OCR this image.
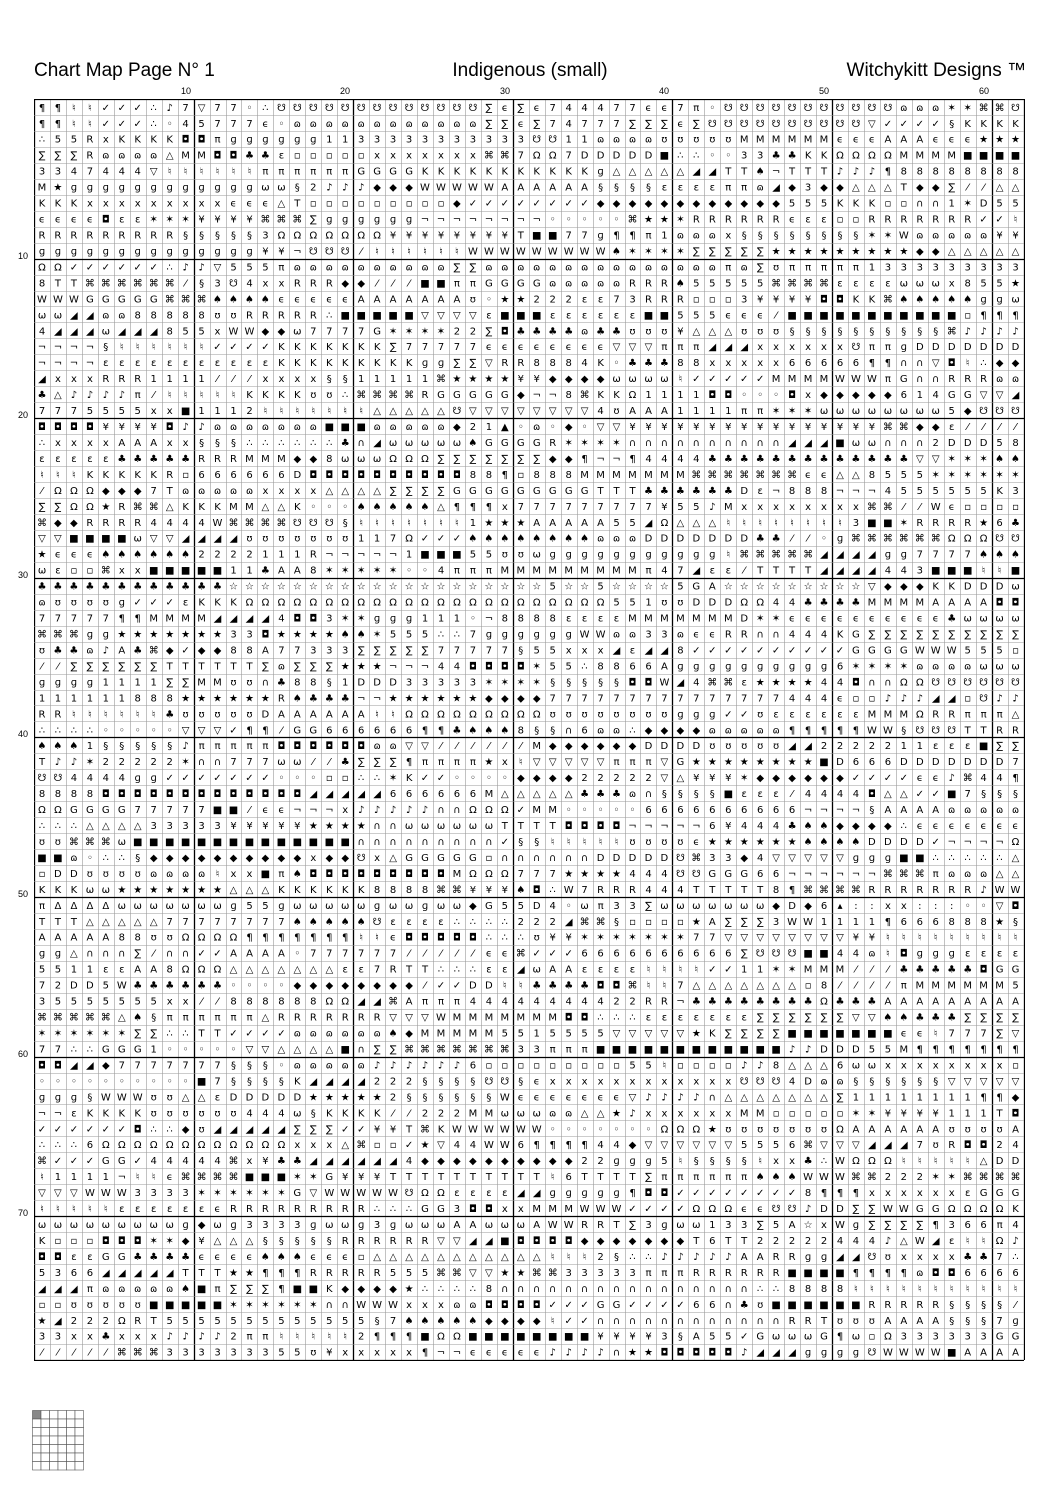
Chart Map Page N° 1	Indigenous (small)	Witchykitt Designs ™
10	20	30	40	50	60
10
20
30
40
50
60
70
¶ ¶ ♮ ♮ ✓ ✓ ✓ ∴ ♪ 7 ▽ 7 7 ◦ ∴ ☋ ☋ ☋ ☋ ☋ ☋ ☋ ☋ ☋ ☋ ☋ ☋ ☋ ∑ ϵ ∑ ϵ 7 4 4 4 7 7 ϵ ϵ 7 π ◦ ☋ ☋ ☋ ☋ ☋ ☋ ☋ ☋ ☋ ☋ ☋ ɷ ɷ ɷ ✶ ✶ ⌘ ⌘ ☋
¶ ¶ ♮ ♮ ✓ ✓ ✓ ∴ ◦ 4 5 7 7 7 ϵ ◦ ɷ ɷ ɷ ɷ ɷ ɷ ɷ ɷ ɷ ɷ ɷ ɷ ∑ ∑ ϵ ∑ 7 4 7 7 7 ∑ ∑ ∑ ϵ ∑ ☋ ☋ ☋ ☋ ☋ ☋ ☋ ☋ ☋ ☋ ▽ ✓ ✓ ✓ ✓ § K K K K
∴ 5 5 R x K K K K ◘ ◘ π ɡ ɡ ɡ ɡ ɡ ɡ 1 1 3 3 3 3 3 3 3 3 3 3 3 ☋ ☋ 1 1 ɷ ɷ ɷ ɷ ʊ ʊ ʊ ʊ ʊ M M M M M M ϵ ϵ ϵ A A A ϵ ϵ ϵ ★ ★ ★
∑ ∑ ∑ R ɷ ɷ ɷ ɷ △ M M ◘ ◘ ♣ ♣ ε ▫ ▫ ▫ ▫ ▫ x x x x x x x ⌘ ⌘ 7 Ω Ω 7 D D D D D ■ ∴ ∴ ◦ ◦ 3 3 ♣ ♣ K K Ω Ω Ω Ω M M M M ■ ■ ■ ■
3 3 4 7 4 4 4 ▽ ♮ ♮ ♮ ♮ ♮ ♮ π π π π π π G G G G K K K K K K K K K K K ɡ △ △ △ △ △ ◢ ◢ T T ♠ ¬ T T T ♪ ♪ ♪ ¶ 8 8 8 8 8 8 8 8
M ★ ɡ ɡ ɡ ɡ ɡ ɡ ɡ ɡ ɡ ɡ ɡ ɡ ω ω § 2 ♪ ♪ ♪ ◆ ◆ ◆ W W W W W A A A A A A § § § § ε ε ε ε π π ɷ ◢ ◆ 3 ◆ ◆ △ △ △ T ◆ ◆ ∑ ⁄ ⁄ △ △
K K K x x x x x x x x x ϵ ϵ ϵ △ T ▫ ▫ ▫ ▫ ▫ ▫ ▫ ▫ ▫ ◆ ✓ ✓ ✓ ✓ ✓ ✓ ✓ ✓ ◆ ◆ ◆ ◆ ◆ ◆ ◆ ◆ ◆ ◆ ◆ ◆ 5 5 5 K K K ▫ ▫ ∩ ∩ 1 ✶ D 5 5
ϵ ϵ ϵ ϵ ◘ ε ε ✶ ✶ ✶ ¥ ¥ ¥ ¥ ⌘ ⌘ ⌘ ∑ ɡ ɡ ɡ ɡ ɡ ɡ ¬ ¬ ¬ ¬ ¬ ¬ ¬ ¬ ◦ ◦ ◦ ◦ ◦ ⌘ ★ ★ ✶ R R R R R R ϵ ε ε ▫ ▫ R R R R R R R ✓ ✓ ♮
R R R R R R R R R § § § § § 3 Ω Ω Ω Ω Ω Ω Ω ¥ ¥ ¥ ¥ ¥ ¥ ¥ ¥ T ■ ■ 7 7 ɡ ¶ ¶ π 1 ɷ ɷ ɷ x § § § § § § § § ✶ ✶ W ɷ ɷ ɷ ɷ ɷ ¥ ¥
ɡ ɡ ɡ ɡ ɡ ɡ ɡ ɡ ɡ ɡ ɡ ɡ ɡ ɡ ¥ ¥ ¬ ☋ ☋ ☋ ⁄ ♮ ♮ ♮ ♮ ♮ ♮ W W W W W W W W W ♠ ✶ ✶ ✶ ✶ ∑ ∑ ∑ ∑ ∑ ★ ★ ★ ★ ★ ★ ★ ★ ★ ◆ ◆ △ △ △ △ △
Ω Ω ✓ ✓ ✓ ✓ ✓ ✓ ∴ ♪ ♪ ▽ 5 5 5 π ɷ ɷ ɷ ɷ ɷ ɷ ɷ ɷ ɷ ɷ ∑ ∑ ɷ ɷ ɷ ɷ ɷ ɷ ɷ ɷ ɷ ɷ ɷ ɷ ɷ ɷ ɷ π ɷ ∑ ʊ π π π π π 1 3 3 3 3 3 3 3 3 3
8 T T ⌘ ⌘ ⌘ ⌘ ⌘ ⌘ ⁄ § 3 ☋ 4 x x R R R ◆ ◆ ⁄ ⁄ ⁄ ■ ■ π π G G G G ɷ ɷ ɷ ɷ ɷ R R R ♠ 5 5 5 5 5 ⌘ ⌘ ⌘ ⌘ ε ε ε ε ω ω ω x 8 5 5 ★
W W W G G G G G ⌘ ⌘ ⌘ ♠ ♠ ♠ ♠ ϵ ϵ ϵ ϵ ϵ A A A A A A A ʊ ◦ ★ ★ 2 2 2 ε ε 7 3 R R R ▫ ▫ ▫ 3 ¥ ¥ ¥ ¥ ◘ ◘ K K ⌘ ♠ ♠ ♠ ♠ ♠ ɡ ɡ ω
ω ω ◢ ◢ ɷ ɷ 8 8 8 8 8 ʊ ʊ R R R R R ∴ ■ ■ ■ ■ ■ ▽ ▽ ▽ ▽ ε ■ ■ ■ ε ε ε ε ε ε ■ ■ 5 5 5 ϵ ϵ ϵ ⁄ ■ ■ ■ ■ ■ ■ ■ ■ ■ ■ ■ ▫ ¶ ¶ ¶
4 ◢ ◢ ◢ ω ◢ ◢ ◢ 8 5 5 x W W ◆ ◆ ω 7 7 7 7 G ✶ ✶ ✶ ✶ 2 2 ∑ ◘ ♣ ♣ ♣ ♣ ɷ ♣ ♣ ʊ ʊ ʊ ¥ △ △ △ ʊ ʊ ʊ § § § § § § § § § § ⌘ ♪ ♪ ♪ ♪
¬ ¬ ¬ ¬ § ♮ ♮ ♮ ♮ ♮ ♮ ✓ ✓ ✓ ✓ K K K K K K K ∑ 7 7 7 7 7 ϵ ϵ ϵ ϵ ϵ ϵ ϵ ϵ ▽ ▽ ▽ π π π ◢ ◢ ◢ x x x x x x ☋ π π ɡ D D D D D D D
¬ ¬ ¬ ¬ ε ε ε ε ε ε ε ε ε ε ε K K K K K K K K K ɡ ɡ ∑ ∑ ▽ R R 8 8 8 4 K ◦ ♣ ♣ ♣ 8 8 x x x x x 6 6 6 6 6 ¶ ¶ ∩ ∩ ▽ ◘ ♮ ∴ ◆ ◆
◢ x x x R R R 1 1 1 1 ⁄ ⁄ ⁄ x x x x § § 1 1 1 1 1 ⌘ ★ ★ ★ ★ ¥ ¥ ◆ ◆ ◆ ◆ ω ω ω ω ♮ ✓ ✓ ✓ ✓ ✓ M M M M W W W π G ∩ ∩ R R R ɷ ɷ
♣ △ ♪ ♪ ♪ ♪ π ⁄ ♮ ♮ ♮ ♮ ♮ K K K K ʊ ʊ ∴ ⌘ ⌘ ⌘ ⌘ R G G G G G ◆ ¬ ¬ 8 ⌘ K K Ω 1 1 1 1 ◘ ◘ ◦ ◦ ◦ ◘ x ◆ ◆ ◆ ◆ ◆ 6 1 4 G G ▽ ▽ ◢
7 7 7 5 5 5 5 x x ■ 1 1 1 2 ♮ ♮ ♮ ♮ ♮ ♮ ♮ △ △ △ △ △ ☋ ▽ ▽ ▽ ▽ ▽ ▽ ▽ ▽ 4 ʊ A A A 1 1 1 1 π π ✶ ✶ ✶ ω ω ω ω ω ω ω ω 5 ◆ ☋ ☋ ☋
◘ ◘ ◘ ◘ ¥ ¥ ¥ ¥ ◘ ♪ ♪ ɷ ɷ ɷ ɷ ɷ ɷ ɷ ■ ■ ■ ɷ ɷ ɷ ɷ ɷ ◆ 2 1 ▲ ◦ ɷ ◦ ◆ ◦ ▽ ▽ ¥ ¥ ¥ ¥ ¥ ¥ ¥ ¥ ¥ ¥ ¥ ¥ ¥ ¥ ¥ ¥ ⌘ ⌘ ◆ ◆ ε ⁄ ⁄ ⁄ ⁄
∴ x x x x A A A x x § § § ∴ ∴ ∴ ∴ ∴ ∴ ♣ ∩ ◢ ω ω ω ω ω ♠ G G G G R ✶ ✶ ✶ ✶ ∩ ∩ ∩ ∩ ∩ ∩ ∩ ∩ ∩ ∩ ◢ ◢ ◢ ■ ω ω ∩ ∩ ∩ 2 D D D 5 8
ε ε ε ε ε ♣ ♣ ♣ ♣ ♣ R R R M M M ◆ ◆ 8 ω ω ω Ω Ω Ω ∑ ∑ ∑ ∑ ∑ ∑ ∑ ◆ ◆ ¶ ¬ ¬ ¶ 4 4 4 4 ♣ ♣ ♣ ♣ ♣ ♣ ♣ ♣ ♣ ♣ ♣ ♣ ♣ ▽ ▽ ✶ ✶ ✶ ♠ ♠
♮ ♮ ♮ K K K K K R ▫ 6 6 6 6 6 6 D ◘ ◘ ◘ ◘ ◘ ◘ ◘ ◘ ◘ ◘ 8 8 ¶ ▫ 8 8 8 M M M M M M M ⌘ ⌘ ⌘ ⌘ ⌘ ⌘ ⌘ ϵ ϵ △ △ 8 5 5 5 ✶ ✶ ✶ ✶ ✶ ✶
⁄ Ω Ω Ω ◆ ◆ ◆ 7 T ɷ ɷ ɷ ɷ ɷ x x x x △ △ △ △ ∑ ∑ ∑ ∑ G G G G G G G G G T T T ♣ ♣ ♣ ♣ ♣ ♣ D ε ¬ 8 8 8 ¬ ¬ ¬ 4 5 5 5 5 5 5 K 3
∑ ∑ Ω Ω ★ R ⌘ ⌘ △ K K K M M △ △ K ◦ ◦ ◦ ♠ ♠ ♠ ♠ ♠ △ ¶ ¶ ¶ x 7 7 7 7 7 7 7 7 7 ¥ 5 5 ♪ M x x x x x x x x ⌘ ⌘ ⁄ ⁄ W ϵ ▫ ▫ ▫ ▫
⌘ ◆ ◆ R R R R 4 4 4 4 W ⌘ ⌘ ⌘ ⌘ ☋ ☋ ☋ § ♮ ♮ ♮ ♮ ♮ ♮ ♮ 1 ★ ★ ★ A A A A A 5 5 ◢ Ω △ △ △ ♮ ♮ ♮ ♮ ♮ ♮ ♮ ♮ 3 ■ ■ ✶ R R R R ★ 6 ♣
▽ ▽ ■ ■ ■ ■ ω ▽ ▽ ◢ ◢ ◢ ◢ ʊ ʊ ʊ ʊ ʊ ʊ ʊ 1 1 7 Ω ✓ ✓ ✓ ♠ ♠ ♠ ♠ ♠ ♠ ♠ ♠ ɷ ɷ ɷ D D D D D D D ♣ ♣ ⁄ ⁄ ◦ ɡ ⌘ ⌘ ⌘ ⌘ ⌘ ⌘ Ω Ω Ω ☋ ☋
★ ϵ ϵ ϵ ♠ ♠ ♠ ♠ ♠ ♠ 2 2 2 2 1 1 1 R ¬ ¬ ¬ ¬ ¬ 1 ■ ■ ■ 5 5 ʊ ʊ ω ɡ ɡ ɡ ɡ ɡ ɡ ɡ ɡ ɡ ɡ ɡ ♮ ⌘ ⌘ ⌘ ⌘ ⌘ ◢ ◢ ◢ ◢ ɡ ɡ 7 7 7 7 ♠ ♠ ♠
ω ε ▫ ▫ ⌘ x x ■ ■ ■ ■ ■ 1 1 ♣ A A 8 ✶ ✶ ✶ ✶ ✶ ◦ ◦ 4 π π π M M M M M M M M M π 4 7 ◢ ε ε ⁄ T T T T ◢ ◢ ◢ ◢ 4 4 3 ■ ■ ■ ♮ ♮ ■
♣ ♣ ♣ ♣ ♣ ♣ ♣ ♣ ♣ ♣ ♣ ♣ ☆ ☆ ☆ ☆ ☆ ☆ ☆ ☆ ☆ ☆ ☆ ☆ ☆ ☆ ☆ ☆ ☆ ☆ ☆ ☆ 5 ☆ ☆ 5 ☆ ☆ ☆ ☆ 5 G A ☆ ☆ ☆ ☆ ☆ ☆ ☆ ☆ ☆ ▽ ◆ ◆ ◆ K K D D D ω
ɷ ʊ ʊ ʊ ʊ ɡ ✓ ✓ ✓ ε K K K Ω Ω Ω Ω Ω Ω Ω Ω Ω Ω Ω Ω Ω Ω Ω Ω Ω Ω Ω Ω Ω Ω Ω 5 5 1 ʊ ʊ D D D Ω Ω 4 4 ♣ ♣ ♣ ♣ M M M M A A A A ◘ ◘
7 7 7 7 7 ¶ ¶ M M M M ◢ ◢ ◢ ◢ 4 ◘ ◘ 3 ✶ ✶ ɡ ɡ ɡ 1 1 1 ◦ ¬ 8 8 8 8 ε ε ε ε M M M M M M M D ✶ ✶ ϵ ϵ ϵ ϵ ϵ ϵ ϵ ϵ ϵ ϵ ♣ ω ω ω ω
⌘ ⌘ ⌘ ɡ ɡ ★ ★ ★ ★ ★ ★ ★ 3 3 ◘ ★ ★ ★ ★ ♠ ♠ ✶ 5 5 5 ∴ ∴ 7 ɡ ɡ ɡ ɡ ɡ ɡ W W ɷ ɷ 3 3 ɷ ϵ ϵ R R ∩ ∩ 4 4 4 K G ∑ ∑ ∑ ∑ ∑ ∑ ∑ ∑ ∑ ∑
ʊ ♣ ♣ ɷ ♪ A ♣ ⌘ ◆ ✓ ◆ ◆ 8 8 A 7 7 3 3 3 ∑ ∑ ∑ ∑ ∑ 7 7 7 7 7 § 5 5 x x x ◢ ε ◢ ◢ 8 ✓ ✓ ✓ ✓ ✓ ✓ ✓ ✓ ✓ ✓ G G G G W W W 5 5 5 ▫
⁄ ⁄ ∑ ∑ ∑ ∑ ∑ ∑ T T T T T T ∑ ɷ ∑ ∑ ∑ ★ ★ ★ ¬ ¬ ¬ 4 4 ◘ ◘ ◘ ◘ ✶ 5 5 ∴ 8 8 6 6 A ɡ ɡ ɡ ɡ ɡ ɡ ɡ ɡ ɡ ɡ 6 ✶ ✶ ✶ ✶ ɷ ɷ ɷ ɷ ω ω ω
ɡ ɡ ɡ ɡ 1 1 1 1 ∑ ∑ M M ʊ ʊ ∩ ♣ 8 8 § 1 D D D 3 3 3 3 3 ✶ ✶ ✶ ✶ § § § § § ◘ ◘ W ◢ 4 ⌘ ⌘ ε ★ ★ ★ ★ 4 4 ◘ ∩ ∩ Ω Ω ☋ ☋ ☋ ☋ ☋ ☋
1 1 1 1 1 1 8 8 8 ★ ★ ★ ★ ★ ★ R ♠ ♣ ♣ ♣ ¬ ¬ ★ ★ ★ ★ ★ ★ ◆ ◆ ◆ ◆ 7 7 7 7 7 7 7 7 7 7 7 7 7 7 7 4 4 4 ϵ ▫ ▫ ♪ ♪ ♪ ◢ ◢ ▫ ☋ ♪ ♪
R R ♮ ♮ ♮ ♮ ♮ ♮ ♣ ʊ ʊ ʊ ʊ ʊ D A A A A A A ♮ ♮ Ω Ω Ω Ω Ω Ω Ω Ω Ω ʊ ʊ ʊ ʊ ʊ ʊ ʊ ʊ ɡ ɡ ɡ ✓ ✓ ʊ ε ε ε ε ε ε M M M Ω R R π π π △
∴ ∴ ∴ ∴ ◦ ◦ ◦ ◦ ◦ ▽ ▽ ▽ ✓ ¶ ¶ ⁄ G G 6 6 6 6 6 6 ¶ ¶ ♣ ♠ ♠ ♠ 8 § § ∩ 6 ɷ ɷ ∴ ◆ ◆ ◆ ◆ ɷ ɷ ɷ ɷ ɷ ¶ ¶ ¶ ¶ ¶ W W § ☋ ☋ ☋ T T R R
♠ ♠ ♠ 1 § § § § § ♪ π π π π π ◘ ◘ ◘ ◘ ◘ ◘ ɷ ɷ ▽ ▽ ⁄ ⁄ ⁄ ⁄ ⁄ ⁄ M ◆ ◆ ◆ ◆ ◆ ◆ D D D D ʊ ʊ ʊ ʊ ʊ ◢ ◢ 2 2 2 2 2 1 1 ε ε ε ■ ∑ ∑
T ♪ ♪ ✶ 2 2 2 2 2 ✶ ∩ ∩ 7 7 7 ω ω ⁄ ⁄ ♣ ∑ ∑ ∑ ¶ π π π π ★ x ♮ ▽ ▽ ▽ ▽ ▽ π π π ▽ G ★ ★ ★ ★ ★ ★ ★ ★ ■ D 6 6 6 D D D D D D D 7
☋ ☋ 4 4 4 4 ɡ ɡ ✓ ✓ ✓ ✓ ✓ ✓ ✓ ◦ ◦ ◦ ▫ ▫ ∴ ∴ ✶ K ✓ ✓ ◦ ◦ ◦ ◦ ◆ ◆ ◆ ◆ 2 2 2 2 2 ▽ △ ¥ ¥ ¥ ✶ ◆ ◆ ◆ ◆ ◆ ◆ ✓ ✓ ✓ ✓ ϵ ϵ ♪ ⌘ 4 4 ¶
8 8 8 8 ◘ ◘ ◘ ◘ ◘ ◘ ◘ ◘ ◘ ◘ ◘ ◘ ◘ ◢ ◢ ◢ ◢ ◢ 6 6 6 6 6 6 M △ △ △ △ △ ♣ ♣ ♣ ɷ ∩ § § § § ■ ε ε ε ⁄ 4 4 4 4 ◘ △ △ ✓ ✓ ■ 7 § § §
Ω Ω G G G G 7 7 7 7 7 ■ ■ ⁄ ϵ ϵ ¬ ¬ ¬ x ♪ ♪ ♪ ♪ ♪ ∩ ∩ Ω Ω Ω ✓ M M ◦ ◦ ◦ ◦ ◦ 6 6 6 6 6 6 6 6 6 6 ¬ ¬ ¬ ¬ § A A A A ɷ ɷ ɷ ɷ ɷ
∴ ∴ ∴ △ △ △ △ 3 3 3 3 3 ¥ ¥ ¥ ¥ ¥ ★ ★ ★ ★ ∩ ∩ ω ω ω ω ω ω T T T T ◘ ◘ ◘ ◘ ¬ ¬ ¬ ¬ ¬ 6 ¥ 4 4 4 ♣ ♠ ♠ ◆ ◆ ◆ ◆ ∴ ϵ ϵ ϵ ϵ ϵ ϵ ϵ
ʊ ʊ ⌘ ⌘ ⌘ ω ■ ■ ■ ■ ■ ■ ■ ■ ■ ■ ■ ■ ■ ■ ∩ ∩ ∩ ∩ ∩ ∩ ∩ ∩ ∩ ✓ § § ♮ ♮ ♮ ♮ ♮ ʊ ʊ ʊ ʊ ϵ ★ ★ ★ ★ ★ ★ ♠ ♠ ♠ ♠ D D D D ✓ ¬ ¬ ¬ ¬ Ω
■ ■ ɷ ◦ ∴ ∴ § ◆ ◆ ◆ ◆ ◆ ◆ ◆ ◆ ◆ ◆ x ◆ ◆ ☋ x △ G G G G G ▫ ∩ ∩ ∩ ∩ ∩ ∩ D D D D D ☋ ⌘ 3 3 ◆ 4 ▽ ▽ ▽ ▽ ▽ ɡ ɡ ɡ ■ ■ ∴ ∴ ∴ ∴ ∴ △
▫ D D ʊ ʊ ʊ ʊ ɷ ɷ ɷ ɷ ♮ x x ■ π ♠ ◘ ◘ ◘ ◘ ◘ ◘ ◘ ◘ ◘ M Ω Ω Ω 7 7 7 ★ ★ ★ ★ 4 4 4 ☋ ☋ G G G 6 6 ¬ ¬ ¬ ¬ ¬ ¬ ⌘ ⌘ ⌘ π ɷ ɷ ɷ △ △
K K K ω ω ★ ★ ★ ★ ★ ★ ★ △ △ △ K K K K K K 8 8 8 8 ⌘ ⌘ ¥ ¥ ¥ ♠ ◘ ∴ W 7 R R R 4 4 4 T T T T T 8 ¶ ⌘ ⌘ ⌘ ⌘ R R R R R R R ♪ W W
π Δ Δ Δ Δ ω ω ω ω ω ω ω ɡ 5 5 ɡ ω ω ω ω ω ɡ ω ω ɡ ω ω ◆ G 5 5 D 4 ◦ ω π 3 3 ∑ ω ω ω ω ω ω ω ◆ D ◆ 6 ▴ : : x x : : : ◦ ◦ ▽ ◘
T T T △ △ △ △ △ 7 7 7 7 7 7 7 7 ♠ ♠ ♠ ♠ ♠ ☋ ε ε ε ε ∴ ∴ ∴ ∴ 2 2 2 ◢ ⌘ ⌘ § ▫ ▫ ▫ ▫ ★ A ∑ ∑ ∑ 3 W W 1 1 1 1 ¶ 6 6 6 8 8 8 ★ §
A A A A A 8 8 ʊ ʊ Ω Ω Ω Ω ¶ ¶ ¶ ¶ ¶ ¶ ¶ ♮ ♮ ϵ ◘ ◘ ◘ ◘ ◘ ∴ ∴ ∴ ʊ ¥ ¥ ✶ ✶ ✶ ✶ ✶ ✶ ✶ 7 7 ▽ ▽ ▽ ▽ ▽ ▽ ▽ ▽ ¥ ¥ ♮ ♮ ♮ ♮ ♮ ♮ ♮ ♮ ♮
ɡ ɡ △ ∩ ∩ ∩ ∑ ⁄ ∩ ∩ ✓ ✓ A A A A ◦ 7 7 7 7 7 7 ⁄ ⁄ ⁄ ⁄ ⁄ ϵ ϵ ⌘ ✓ ✓ ✓ 6 6 6 6 6 6 6 6 6 6 ∑ ☋ ☋ ☋ ■ ■ 4 4 ɷ ♮ ◘ ɡ ɡ ɡ ε ε ε ε
5 5 1 1 ε ε A A 8 Ω Ω Ω △ △ △ △ △ △ △ ε ε 7 R T T ∴ ∴ ∴ ε ε ◢ ω A A ε ε ε ε ♮ ♮ ♮ ♮ ✓ ✓ 1 1 ✶ ✶ M M M ⁄ ⁄ ⁄ ♣ ♣ ♣ ♣ ♣ ◘ G G
7 2 D D 5 W ♣ ♣ ♣ ♣ ♣ ♣ ◦ ◦ ◦ ◦ ◆ ◆ ◆ ◆ ◆ ◆ ◆ ◆ ⁄ ✓ ✓ D D ♮ ♮ ♣ ♣ ♣ ♣ ◘ ◘ ⌘ ♮ ♮ 7 △ △ △ △ △ △ △ ▫ 8 ⁄ ⁄ ⁄ ⁄ π M M M M M M 5
3 5 5 5 5 5 5 5 x x ⁄ ⁄ 8 8 8 8 8 8 Ω Ω ◢ ◢ ⌘ A π π π 4 4 4 4 4 4 4 4 4 2 2 R R ¬ ♣ ♣ ♣ ♣ ♣ ♣ ♣ ♣ Ω ♣ ♣ ♣ A A A A A A A A A
⌘ ⌘ ⌘ ⌘ ⌘ △ ♠ § π π π π π π △ R R R R R R R ▽ ▽ ▽ W M M M M M M M ◘ ◘ ∴ ∴ ∴ ε ε ε ε ε ε ε ∑ ∑ ∑ ∑ ∑ ∑ ▽ ▽ ♠ ♠ ♣ ♣ ♣ ∑ ∑ ∑ ∑
✶ ✶ ✶ ✶ ✶ ✶ ∑ ∑ ∴ ∴ T T ✓ ✓ ✓ ✓ ɷ ɷ ɷ ɷ ɷ ɷ ♠ ◆ M M M M M 5 5 1 5 5 5 5 ▽ ▽ ▽ ▽ ▽ ★ K ∑ ∑ ∑ ∑ ■ ■ ■ ■ ■ ■ ■ ϵ ϵ ♮ 7 7 7 ∑ ▽
7 7 ∴ ∴ G G G 1 ◦ ◦ ◦ ◦ ◦ ▽ ▽ △ △ △ △ ■ ∩ ∑ ∑ ⌘ ⌘ ⌘ ⌘ ⌘ ⌘ ⌘ 3 3 π π π ■ ■ ■ ■ ■ ■ ■ ■ ■ ■ ■ ■ ♪ ♪ D D D 5 5 M ¶ ¶ ¶ ¶ ¶ ¶ ¶
◘ ◘ ◢ ◢ ◆ 7 7 7 7 7 7 7 § § § ◦ ɷ ɷ ɷ ɷ ɷ ♪ ♪ ♪ ♪ ♪ ♪ 6 ▫ ▫ ▫ ▫ ▫ ▫ ▫ ▫ ▫ 5 5 ♮ ▫ ▫ ▫ ▫ ♪ ♪ 8 △ △ △ 6 ω ω x x x x x x x x ▫
◦ ◦ ◦ ◦ ◦ ◦ ◦ ◦ ◦ ◦ ■ 7 § § § § K ◢ ◢ ◢ ◢ 2 2 2 § § § § ☋ ☋ § ϵ x x x x x x x x x x x x ☋ ☋ ☋ 4 D ɷ ɷ § § § § § § ▽ ▽ ▽ ▽ ▽
ɡ ɡ ɡ § W W W ʊ ʊ △ △ ε D D D D D ★ ★ ★ ★ ★ 2 § § § § § § W ϵ ϵ ϵ ϵ ϵ ϵ ϵ ▽ ♪ ♪ ♪ ♪ ∩ △ △ △ △ △ △ △ ∑ 1 1 1 1 1 1 1 1 ¶ ¶ ◆
¬ ¬ ε K K K K ʊ ʊ ʊ ʊ ʊ ʊ 4 4 4 ω § K K K K ⁄ ⁄ 2 2 2 M M ω ω ω ɷ ɷ △ △ ★ ♪ x x x x x x M M ▫ ▫ ▫ ▫ ▫ ✶ ✶ ¥ ¥ ¥ ¥ 1 1 1 T ◘
✓ ✓ ✓ ✓ ✓ ✓ ◘ ∴ ∴ ◆ ʊ ◢ ◢ ◢ ◢ ◢ ∑ ∑ ∑ ✓ ✓ ¥ ¥ T ⌘ K W W W W W W ◦ ◦ ◦ ◦ ◦ ◦ ◦ Ω Ω Ω ★ ʊ ʊ ʊ ʊ ʊ ʊ ʊ Ω A A A A A A ʊ ʊ ʊ ʊ A
∴ ∴ ∴ 6 Ω Ω Ω Ω Ω Ω Ω Ω Ω Ω Ω Ω x x x △ ⌘ ▫ ▫ ✓ ★ ▽ 4 4 W W 6 ¶ ¶ ¶ ¶ 4 4 ◆ ▽ ▽ ▽ ▽ ▽ ▽ 5 5 5 6 ⌘ ▽ ▽ ▽ ◢ ◢ ◢ 7 ʊ R ◘ ◘ 2 4
⌘ ✓ ✓ ✓ G G ✓ 4 4 4 4 4 ⌘ x ¥ ♣ ♣ ◢ ◢ ◢ ◢ ◢ ◢ 4 ◆ ◆ ◆ ◆ ◆ ◆ ◆ ◆ ◆ ◆ 2 2 ɡ ɡ ɡ 5 ♮ § § § § ♮ x x ♣ ∴ W Ω Ω Ω ♮ ♮ ♮ ♮ ♮ △ D D
♮ 1 1 1 1 ¬ ♮ ♮ ϵ ⌘ ⌘ ⌘ ⌘ ■ ■ ■ ✶ ✶ G ¥ ¥ ¥ T T T T T T T T T T ♮ 6 T T T T ∑ π π π π π π ♠ ♠ ♠ W W W ⌘ ⌘ 2 2 2 ✶ ✶ ⌘ ⌘ ⌘ ⌘
▽ ▽ ▽ W W W 3 3 3 3 ✶ ✶ ✶ ✶ ✶ ✶ G ▽ W W W W W ☋ Ω Ω ε ε ε ε ◢ ◢ ɡ ɡ ɡ ɡ ɡ ¶ ◘ ◘ ✓ ✓ ✓ ✓ ✓ ✓ ✓ ✓ 8 ¶ ¶ ¶ x x x x x x ε G G G
♮ ♮ ♮ ♮ ♮ ε ε ε ε ε ε ϵ R R R R R R R R R ∴ ∴ ∴ G G 3 ◘ ◘ x x M M M W W W ✓ ✓ ✓ ✓ Ω Ω Ω ϵ ϵ ☋ ☋ ♪ D D ∑ ∑ W W G G Ω Ω Ω Ω K
ω ω ω ω ω ω ω ω ω ɡ ◆ ω ɡ 3 3 3 3 ɡ ω ω ɡ 3 ɡ ω ω ω A A ω ω ω A W W R R T ∑ 3 ɡ ω ω 1 3 3 ∑ 5 A ☆ x W ɡ ∑ ∑ ∑ ∑ ¶ 3 6 6 π 4
K ▫ ▫ ▫ ◘ ◘ ◘ ✶ ✶ ◆ ¥ △ △ △ § § § § § R R R R R R ▽ ▽ ◢ ◢ ■ ◘ ◘ ◘ ◘ ◆ ◆ ◆ ◆ ◆ ◆ ◆ T 6 T T 2 2 2 2 2 4 4 4 ♪ △ W ◢ ε ♮ ♮ Ω ♪
◘ ◘ ε ε G G ♣ ♣ ♣ ♣ ϵ ϵ ϵ ϵ ♠ ♠ ♠ ϵ ϵ ϵ ▫ △ △ △ △ △ △ △ △ △ △ △ ♮ ♮ ♮ 2 § ∴ ∴ ♪ ♪ ♪ ♪ ♪ A A R R ɡ ɡ ◢ ◢ ☋ ʊ x x x x ♣ ♣ 7 ∴
5 3 6 6 ◢ ◢ ◢ ◢ ◢ T T T ★ ★ ¶ ¶ ¶ R R R R R 5 5 5 ⌘ ⌘ ▽ ▽ ★ ★ ⌘ ⌘ 3 3 3 3 3 π π π R R R R R R ■ ■ ■ ■ ¶ ¶ ¶ ¶ ɷ ◘ ◘ 6 6 6 6
◢ ◢ ◢ π ɷ ɷ ɷ ɷ ɷ ♠ ■ π ∑ ∑ ∑ ¶ ■ ■ K ◆ ◆ ◆ ◆ ★ ∴ ∴ ∴ ∴ 8 ∩ ∩ ∩ ∩ ∩ ∩ ∩ ∩ ∩ ∩ ∩ ∩ ∩ ∩ ∩ ∩ ∴ ∴ 8 8 8 8 ♮ ♮ ♮ ♮ ♮ ♮ ♮ ♮ ♮ ♮ ♮
▫ ▫ ʊ ʊ ʊ ʊ ʊ ■ ■ ■ ■ ■ ✶ ✶ ✶ ✶ ✶ ✶ ∩ ∩ W W W x x x ɷ ɷ ◘ ◘ ◘ ◘ ✓ ✓ ✓ G G ✓ ✓ ✓ ✓ 6 6 ∩ ♣ ʊ ■ ■ ■ ■ ■ ■ R R R R R § § § § ⁄
★ ◢ 2 2 2 Ω R T 5 5 5 5 5 5 5 5 5 5 5 5 5 § 7 ♠ ♠ ♠ ♠ ♠ ◆ ◆ ◆ ◆ ♮ ✓ ✓ ∩ ∩ ∩ ∩ ∩ ∩ ∩ ∩ ∩ ∩ ∩ ∩ R R T ʊ ʊ ʊ A A A A § § § 7 ɡ
3 3 x x ♣ x x x ♪ ♪ ♪ ♪ 2 π π ♮ ♮ ♮ ♮ ♮ 2 ¶ ¶ ¶ ■ Ω Ω ■ ■ ■ ■ ■ ■ ■ ■ ¥ ¥ ¥ ¥ 3 § A 5 5 ✓ G ω ω ω G ¶ ω ▫ Ω 3 3 3 3 3 3 G G
⁄ ⁄ ⁄ ⁄ ⁄ ⌘ ⌘ ⌘ 3 3 3 3 3 3 3 5 5 ʊ ¥ x x x x x ¶ ¬ ¬ ϵ ϵ ϵ ϵ ϵ ♪ ♪ ♪ ♪ ∩ ★ ★ ◘ ◘ ◘ ◘ ◘ ♪ ◢ ◢ ◢ ɡ ɡ ɡ ɡ ☋ W W W W ■ A A A A
